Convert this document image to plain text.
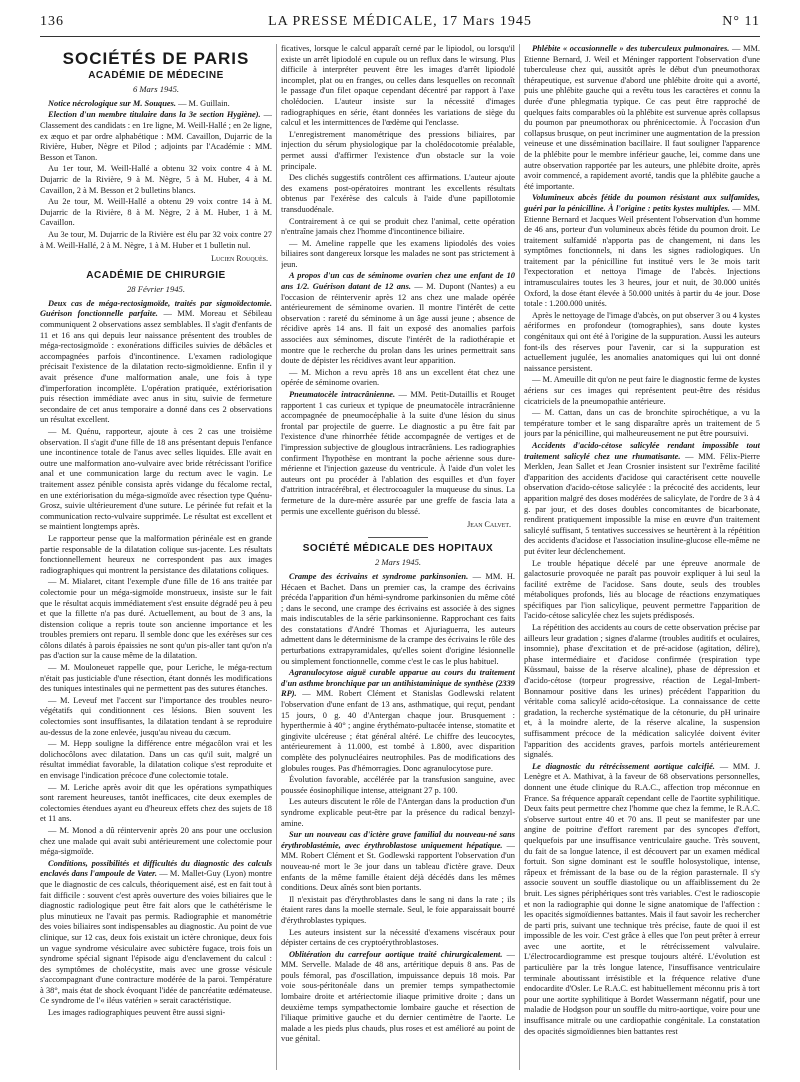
136	LA PRESSE MÉDICALE, 17 Mars 1945	N° 11
SOCIÉTÉS DE PARIS
ACADÉMIE DE MÉDECINE
6 Mars 1945.

Notice nécrologique sur M. Souques. — M. Guillain.

Election d'un membre titulaire dans la 3e section Hygiène). — Classement des candidats : en 1re ligne, M. Weill-Hallé ; en 2e ligne, ex æquo et par ordre alphabétique : MM. Cavaillon, Dujarric de la Rivière, Huber, Nègre et Pilod ; adjoints par l'Académie : MM. Besson et Tanon.

Au 1er tour, M. Weill-Hallé a obtenu 32 voix contre 4 à M. Dujarric de la Rivière, 9 à M. Nègre, 5 à M. Huber, 4 à M. Cavaillon, 2 à M. Besson et 2 bulletins blancs.

Au 2e tour, M. Weill-Hallé a obtenu 29 voix contre 14 à M. Dujarric de la Rivière, 8 à M. Nègre, 2 à M. Huber, 1 à M. Cavaillon.

Au 3e tour, M. Dujarric de la Rivière est élu par 32 voix contre 27 à M. Weill-Hallé, 2 à M. Nègre, 1 à M. Huber et 1 bulletin nul.

Lucien Rouquès.
ACADÉMIE DE CHIRURGIE
28 Février 1945.

Deux cas de méga-rectosigmoïde, traités par sigmoïdectomie. Guérison fonctionnelle parfaite. — MM. Moreau et Sébileau communiquent 2 observations assez semblables. Il s'agit d'enfants de 11 et 16 ans qui depuis leur naissance présentent des troubles de méga-rectosigmoïde : exonérations difficiles suivies de débâcles et accompagnées parfois d'incontinence. L'examen radiologique précisait l'existence de la dilatation recto-sigmoïdienne. Enfin il y avait présence d'une malformation anale, une fois à type d'imperforation incomplète. L'opération pratiquée, extériorisation puis résection immédiate avec anus in situ, suivie de fermeture secondaire de cet anus temporaire a donné dans ces 2 observations un résultat excellent.

— M. Quénu, rapporteur, ajoute à ces 2 cas une troisième observation. Il s'agit d'une fille de 18 ans présentant depuis l'enfance une incontinence totale de l'anus avec selles liquides. Elle avait en outre une malformation ano-vulvaire avec bride rétrécissant l'orifice anal et une communication large du rectum avec le vagin. Le traitement assez pénible consista après vidange du fécalome rectal, en une extériorisation du méga-sigmoïde avec résection type Quénu-Grosz, suivie ultérieurement d'une suture. Le périnée fut refait et la communication recto-vulvaire supprimée. Le résultat est excellent et se maintient longtemps après.

Le rapporteur pense que la malformation périnéale est en grande partie responsable de la dilatation colique sus-jacente. Les résultats fonctionnellement heureux ne correspondent pas aux images radiographiques qui montrent la persistance des dilatations coliques.

— M. Mialaret, citant l'exemple d'une fille de 16 ans traitée par colectomie pour un méga-sigmoïde monstrueux, insiste sur le fait que le résultat acquis immédiatement s'est ensuite dégradé peu à peu et que la fillette n'a pas duré. Actuellement, au bout de 3 ans, la distension colique a repris toute son ancienne importance et les troubles premiers ont reparu. Il semble donc que les exérèses sur ces côlons dilatés à parois épaissies ne sont qu'un pis-aller tant qu'on n'a pas d'action sur la cause même de la dilatation.

— M. Mouloneuet rappelle que, pour Leriche, le méga-rectum n'était pas justiciable d'une résection, étant donnés les modifications des tuniques intestinales qui ne permettent pas des sutures étanches.

— M. Leveuf met l'accent sur l'importance des troubles neuro-végétatifs qui conditionnent ces lésions. Bien souvent les colectomies sont insuffisantes, la dilatation tendant à se reproduire au-dessus de la zone enlevée, jusqu'au niveau du cæcum.

— M. Hepp souligne la différence entre mégacôlon vrai et les dolichocôlons avec dilatation. Dans un cas qu'il suit, malgré un résultat immédiat favorable, la dilatation colique s'est reproduite et en envisage l'indication précoce d'une colectomie totale.

— M. Leriche après avoir dit que les opérations sympathiques sont rarement heureuses, tantôt inefficaces, cite deux exemples de colectomies étendues ayant eu d'heureux effets chez des sujets de 18 et 11 ans.

— M. Monod a dû réintervenir après 20 ans pour une occlusion chez une malade qui avait subi antérieurement une colectomie pour méga-sigmoïde.

Conditions, possibilités et difficultés du diagnostic des calculs enclavés dans l'ampoule de Vater. — M. Mallet-Guy (Lyon) montre que le diagnostic de ces calculs, théoriquement aisé, est en fait tout à fait difficile : souvent c'est après ouverture des voies biliaires que le diagnostic radiologique peut être fait alors que le cathétérisme le plus minutieux ne l'avait pas permis. Radiographie et manométrie des voies biliaires sont indispensables au diagnostic. Au point de vue clinique, sur 12 cas, deux fois existait un ictère chronique, deux fois un vague syndrome vésiculaire avec subictère fugace, trois fois un syndrome spécial signant l'épisode aigu d'enclavement du calcul : des symptômes de cholécystite, mais avec une grosse vésicule s'accompagnant d'une contracture modérée de la paroi. Température à 38°, mais état de shock évoquant l'idée de pancréatite œdémateuse. Ce syndrome de l'« iléus vatérien » serait caractéristique.

Les images radiographiques peuvent être aussi signi-

ficatives, lorsque le calcul apparaît cerné par le lipiodol, ou lorsqu'il existe un arrêt lipiodolé en cupule ou un reflux dans le wirsung. Plus difficile à interpréter peuvent être les images d'arrêt lipiodolé incomplet, plat ou en franges, ou celles dans lesquelles on reconnaît le passage d'un filet opaque cependant décentré par rapport à l'axe cholédocien. L'auteur insiste sur la nécessité d'images radiographiques en série, étant données les variations de siège du calcul et les intermittences de l'œdème qui l'enclasse.

L'enregistrement manométrique des pressions biliaires, par injection du sérum physiologique par la cholédocotomie préalable, permet aussi d'affirmer l'existence d'un obstacle sur la voie principale.

Des clichés suggestifs contrôlent ces affirmations. L'auteur ajoute des examens post-opératoires montrant les excellents résultats obtenus par l'exérèse des calculs à l'aide d'une papillotomie transduodénale.

Contrairement à ce qui se produit chez l'animal, cette opération n'entraîne jamais chez l'homme d'incontinence biliaire.

— M. Ameline rappelle que les examens lipiodolés des voies biliaires sont dangereux lorsque les malades ne sont pas strictement à jeun.

A propos d'un cas de séminome ovarien chez une enfant de 10 ans 1/2. Guérison datant de 12 ans. — M. Dupont (Nantes) a eu l'occasion de réintervenir après 12 ans chez une malade opérée antérieurement de séminome ovarien. Il montre l'intérêt de cette observation : rareté du séminome à un âge aussi jeune ; absence de récidive après 14 ans. Il fait un exposé des anomalies parfois associées aux séminomes, discute l'intérêt de la radiothérapie et montre que le recherche du prolan dans les urines permettrait sans doute de dépister les récidives avant leur apparition.

— M. Michon a revu après 18 ans un excellent état chez une opérée de séminome ovarien.

Pneumatocèle intracrânienne. — MM. Petit-Dutaillis et Rouget rapportent 1 cas curieux et typique de pneumatocèle intracrânienne accompagnée de pneumocéphalie à la suite d'une lésion du sinus frontal par projectile de guerre. Le diagnostic a pu être fait par l'existence d'une rhinorrhée fétide accompagnée de vertiges et de l'impression subjective de glouglous intracrâniens. Les radiographies confirment l'hypothèse en montrant la poche aérienne sous dure-mérienne et l'injection gazeuse du ventricule. À l'aide d'un volet les auteurs ont pu procéder à l'ablation des esquilles et d'un foyer d'attrition intracérébral, et électrocoaguler la muqueuse du sinus. La fermeture de la dure-mère assurée par une greffe de fascia lata a permis une excellente guérison du blessé.

Jean Calvet.
SOCIÉTÉ MÉDICALE DES HOPITAUX
2 Mars 1945.

Crampe des écrivains et syndrome parkinsonien. — MM. H. Hécaen et Bachet. Dans un premier cas, la crampe des écrivains précéda l'apparition d'un hémi-syndrome parkinsonien du même côté ; dans le second, une crampe des écrivains est associée à des signes mais indiscutables de la série parkinsonienne. Rapprochant ces faits des constatations d'André Thomas et Ajuriaguerra, les auteurs admettent dans le déterminisme de la crampe des écrivains le rôle des perturbations extrapyramidales, qu'elles soient d'origine lésionnelle ou simplement fonctionnelle, comme c'est le cas le plus habituel.

Agranulocytose aiguë curable apparue au cours du traitement d'un asthme bronchique par un antihistaminique de synthèse (2339 RP). — MM. Robert Clément et Stanislas Godlewski relatent l'observation d'une enfant de 13 ans, asthmatique, qui reçut, pendant 15 jours, 0 g. 40 d'Antergan chaque jour. Brusquement : hyperthermie à 40° ; angine érythémato-pultacée intense, stomatite et gingivite ulcéreuse ; état général altéré. Le chiffre des leucocytes, antérieurement à 11.000, est tombé à 1.800, avec disparition complète des polynucléaires neutrophiles. Pas de modifications des globules rouges. Pas d'hémorragies. Donc agranulocytose pure.

Évolution favorable, accélérée par la transfusion sanguine, avec poussée éosinophilique intense, atteignant 27 p. 100.

Les auteurs discutent le rôle de l'Antergan dans la production d'un syndrome explicable peut-être par la présence du radical benzyl-amine.

Sur un nouveau cas d'ictère grave familial du nouveau-né sans érythroblastémie, avec érythroblastose uniquement hépatique. — MM. Robert Clément et St. Godlewski rapportent l'observation d'un nouveau-né mort le 3e jour dans un tableau d'ictère grave. Deux enfants de la même famille étaient déjà décédés dans les mêmes conditions. Deux aînés sont bien portants.

Il n'existait pas d'érythroblastes dans le sang ni dans la rate ; ils étaient rares dans la moelle sternale. Seul, le foie apparaissait bourré d'érythroblastes typiques.

Les auteurs insistent sur la nécessité d'examens viscéraux pour dépister certains de ces cryptoérythroblastoses.

Oblitération du carrefour aortique traité chirurgicalement. — MM. Servelle. Malade de 48 ans, artéritique depuis 8 ans. Pas de pouls fémoral, pas d'oscillation, impuissance depuis 18 mois. Par voie sous-péritonéale dans un premier temps sympathectomie lombaire droite et artériectomie iliaque primitive droite ; dans un deuxième temps sympathectomie lombaire gauche et résection de l'iliaque primitive gauche et du dernier centimètre de l'aorte. Le malade a les pieds plus chauds, plus roses et est amélioré au point de vue génital.

Phlébite « occasionnelle » des tuberculeux pulmonaires. — MM. Etienne Bernard, J. Weil et Méninger rapportent l'observation d'une tuberculeuse chez qui, aussitôt après le début d'un pneumothorax thérapeutique, est survenue d'abord une phlébite droite qui a avorté, puis une phlébite gauche qui a revêtu tous les caractères et connu la durée d'une phlegmatia typique. Ce cas peut être rapproché de quelques faits comparables où la phlébite est survenue après collapsus du poumon par pneumothorax ou phrénicectomie. À l'occasion d'un collapsus brusque, on peut incriminer une augmentation de la pression veineuse et une dissémination bacillaire. Il faut souligner l'apparence de la phlébite pour le membre inférieur gauche, lei, comme dans une autre observation rapportée par les auteurs, une phlébite droite, après avoir commencé, a rapidement avorté, tandis que la phlébite gauche a été importante.

Volumineux abcès fétide du poumon résistant aux sulfamides, guéri par la pénicilline. À l'origine : petits kystes multiples. — MM. Etienne Bernard et Jacques Weil présentent l'observation d'un homme de 46 ans, porteur d'un volumineux abcès fétide du poumon droit. Le traitement sulfamidé n'apporta pas de changement, ni dans les symptômes fonctionnels, ni dans les signes radiologiques. Un traitement par la pénicilline fut institué vers le 3e mois tarit l'expectoration et nettoya l'image de l'abcès. Injections intramusculaires toutes les 3 heures, jour et nuit, de 30.000 unités Oxford, la dose étant élevée à 50.000 unités à partir du 4e jour. Dose totale : 1.200.000 unités.

Après le nettoyage de l'image d'abcès, on put observer 3 ou 4 kystes aériformes en profondeur (tomographies), sans doute kystes congénitaux qui ont été à l'origine de la suppuration. Aussi les auteurs font-ils des réserves pour l'avenir, car si la suppuration est actuellement jugulée, les anomalies anatomiques qui lui ont donné naissance persistent.

— M. Ameuille dit qu'on ne peut faire le diagnostic ferme de kystes aériens sur ces images qui représentent peut-être des résidus cicatriciels de la pneumopathie antérieure.

— M. Cattan, dans un cas de bronchite spirochétique, a vu la température tomber et le sang disparaître après un traitement de 5 jours par la pénicilline, qui malheureusement ne put être poursuivi.

Accidents d'acido-cétose salicylée rendant impossible tout traitement salicylé chez une rhumatisante. — MM. Félix-Pierre Merklen, Jean Sallet et Jean Crosnier insistent sur l'extrême facilité d'apparition des accidents d'acidose qui caractérisent cette nouvelle observation d'acido-cétose salicylée : la précocité des accidents, leur apparition malgré des doses modérées de salicylate, de l'ordre de 3 à 4 g. par jour, et des doses doubles concomitantes de bicarbonate, rendirent pratiquement impossible la mise en œuvre d'un traitement salicylé suffisant, 5 tentatives successives se heurtèrent à la répétition des accidents d'acidose et l'association insuline-glucose elle-même ne put éviter leur déclenchement.

Le trouble hépatique décelé par une épreuve anormale de galactosurie provoquée ne paraît pas pouvoir expliquer à lui seul la facilité extrême de l'acidose. Sans doute, seuls des troubles métaboliques profonds, liés au blocage de réactions enzymatiques spécifiques par l'ion salicylique, peuvent permettre l'apparition de l'acido-cétose salicylée chez les sujets prédisposés.

La répétition des accidents au cours de cette observation précise par ailleurs leur gradation ; signes d'alarme (troubles auditifs et oculaires, insomnie), phase d'excitation et de pré-acidose (agitation, délire), phase intermédiaire et d'acidose confirmée (respiration type Küssmaul, baisse de la réserve alcaline), phase de dépression et d'acido-cétose (torpeur progressive, réaction de Legal-Imbert-Bonnamour positive dans les urines) précédent l'apparition du véritable coma salicylé acido-cétosique. La connaissance de cette gradation, la recherche systématique de la cétonurie, du pH urinaire et, à la moindre alerte, de la réserve alcaline, la suspension suffisamment précoce de la médication salicylée doivent éviter l'apparition des accidents graves, parfois mortels antérieurement signalés.

Le diagnostic du rétrécissement aortique calcifié. — MM. J. Lenègre et A. Mathivat, à la faveur de 68 observations personnelles, donnent une étude clinique du R.A.C., affection trop méconnue en France. Sa fréquence apparaît cependant celle de l'aortite syphilitique. Deux faits peut permettre chez l'homme que chez la femme, le R.A.C. s'observe surtout entre 40 et 70 ans. Il peut se manifester par une angine de poitrine d'effort rarement par des syncopes d'effort, quelquefois par une insuffisance ventriculaire gauche. Très souvent, du fait de sa longue latence, il est découvert par un examen médical fortuit. Son signe dominant est le souffle holosystolique, intense, râpeux et frémissant de la base ou de la région parasternale. Il s'y associe souvent un souffle diastolique ou un affaiblissement du 2e bruit. Les signes périphériques sont très variables. C'est le radioscopie et non la radiographie qui donne le signe anatomique de l'affection : les opacités sigmoïdiennes battantes. Mais il faut savoir les rechercher de parti pris, suivant une technique très précise, faute de quoi il est impossible de les voir. C'est grâce à elles que l'on peut prêter à erreur avec une aortite, et le rétrécissement valvulaire. L'électrocardiogramme est presque toujours altéré. L'évolution est particulière par la très longue latence, l'insuffisance ventriculaire terminale aboutissant irrésistible et la fréquence relative d'une endocardite d'Osler. Le R.A.C. est habituellement méconnu pris à tort pour une aortite syphilitique à Bordet Wassermann négatif, pour une maladie de Hodgson pour un souffle du mitro-aortique, voire pour une insuffisance mitrale ou une cardiopathie congénitale. La constatation des opacités sigmoïdiennes bien battantes rest
